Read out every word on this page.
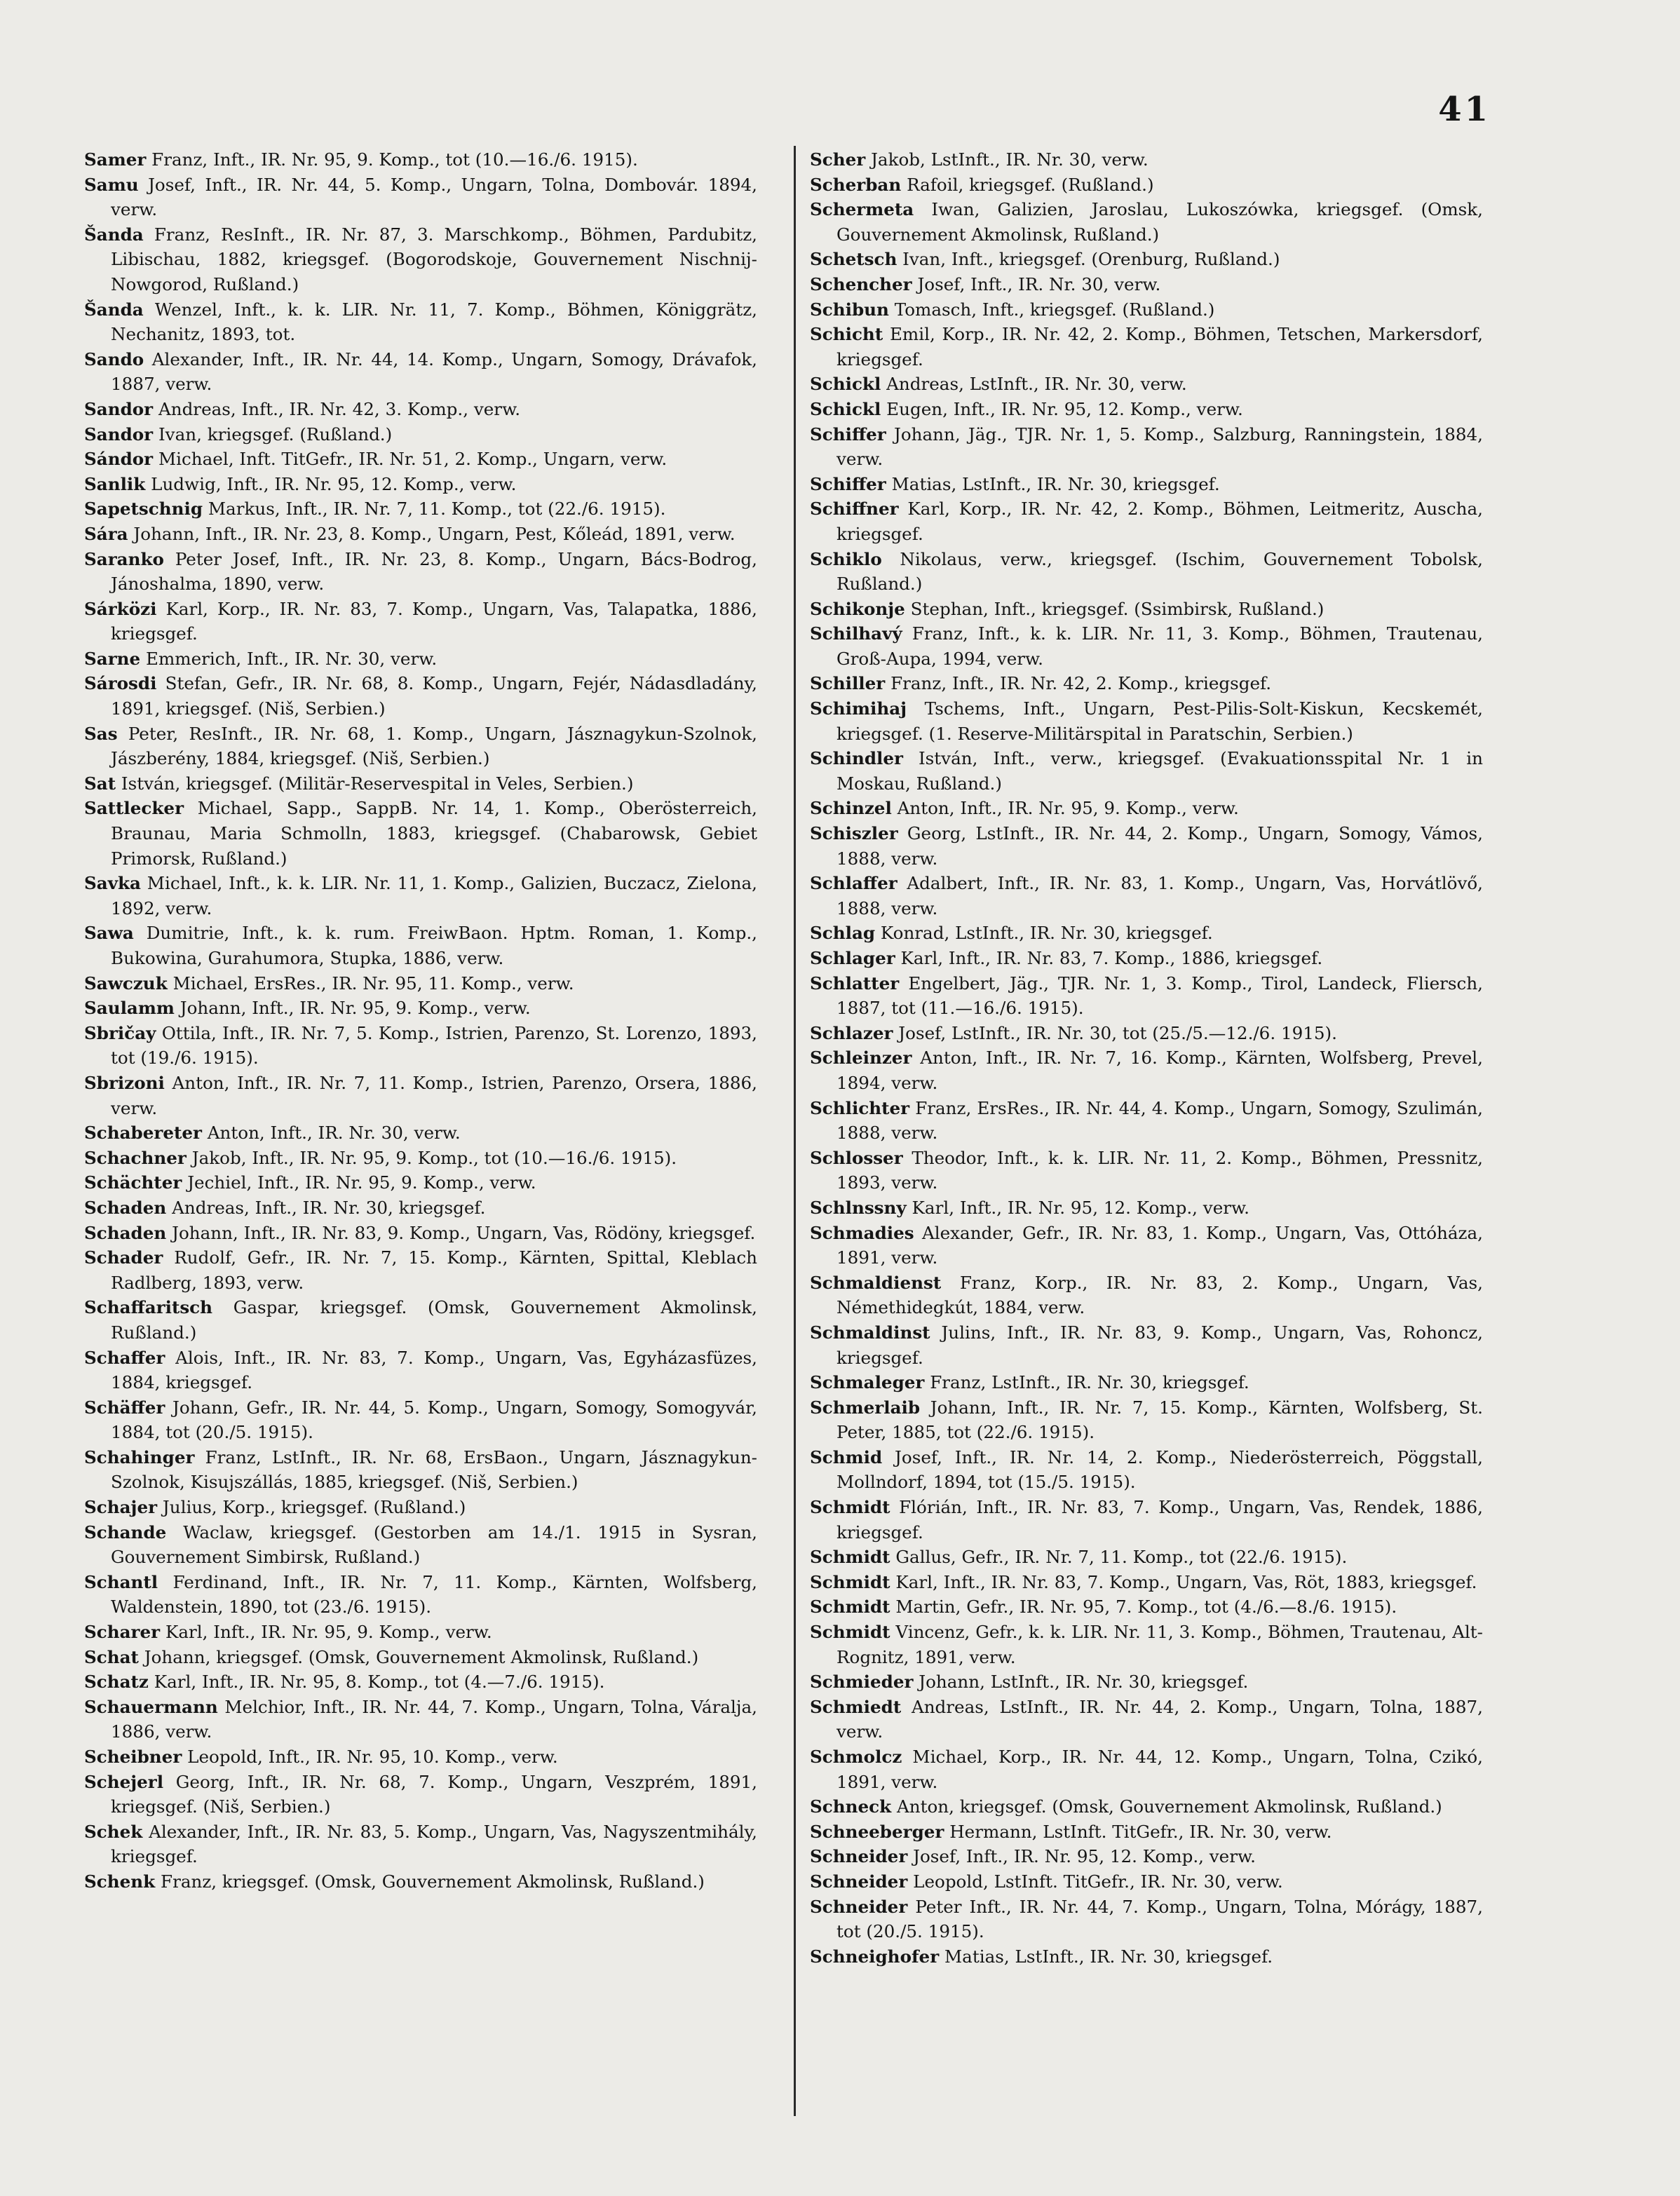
41

Samer Franz, Inft., IR. Nr. 95, 9. Komp., tot (10.—16./6. 1915).

Samu Josef, Inft., IR. Nr. 44, 5. Komp., Ungarn, Tolna, Dombovár. 1894, verw.

Šanda Franz, ResInft., IR. Nr. 87, 3. Marschkomp., Böhmen, Pardubitz, Libischau, 1882, kriegsgef. (Bogorodskoje, Gouvernement Nischnij-Nowgorod, Rußland.)

Šanda Wenzel, Inft., k. k. LIR. Nr. 11, 7. Komp., Böhmen, Königgrätz, Nechanitz, 1893, tot.

Sando Alexander, Inft., IR. Nr. 44, 14. Komp., Ungarn, Somogy, Drávafok, 1887, verw.

Sandor Andreas, Inft., IR. Nr. 42, 3. Komp., verw.

Sandor Ivan, kriegsgef. (Rußland.)

Sándor Michael, Inft. TitGefr., IR. Nr. 51, 2. Komp., Ungarn, verw.

Sanlik Ludwig, Inft., IR. Nr. 95, 12. Komp., verw.

Sapetschnig Markus, Inft., IR. Nr. 7, 11. Komp., tot (22./6. 1915).

Sára Johann, Inft., IR. Nr. 23, 8. Komp., Ungarn, Pest, Kőleád, 1891, verw.

Saranko Peter Josef, Inft., IR. Nr. 23, 8. Komp., Ungarn, Bács-Bodrog, Jánoshalma, 1890, verw.

Sárközi Karl, Korp., IR. Nr. 83, 7. Komp., Ungarn, Vas, Talapatka, 1886, kriegsgef.

Sarne Emmerich, Inft., IR. Nr. 30, verw.

Sárosdi Stefan, Gefr., IR. Nr. 68, 8. Komp., Ungarn, Fejér, Nádasdladány, 1891, kriegsgef. (Niš, Serbien.)

Sas Peter, ResInft., IR. Nr. 68, 1. Komp., Ungarn, Jásznagykun-Szolnok, Jászberény, 1884, kriegsgef. (Niš, Serbien.)

Sat István, kriegsgef. (Militär-Reservespital in Veles, Serbien.)

Sattlecker Michael, Sapp., SappB. Nr. 14, 1. Komp., Oberösterreich, Braunau, Maria Schmolln, 1883, kriegsgef. (Chabarowsk, Gebiet Primorsk, Rußland.)

Savka Michael, Inft., k. k. LIR. Nr. 11, 1. Komp., Galizien, Buczacz, Zielona, 1892, verw.

Sawa Dumitrie, Inft., k. k. rum. FreiwBaon. Hptm. Roman, 1. Komp., Bukowina, Gurahumora, Stupka, 1886, verw.

Sawczuk Michael, ErsRes., IR. Nr. 95, 11. Komp., verw.

Saulamm Johann, Inft., IR. Nr. 95, 9. Komp., verw.

Sbričay Ottila, Inft., IR. Nr. 7, 5. Komp., Istrien, Parenzo, St. Lorenzo, 1893, tot (19./6. 1915).

Sbrizoni Anton, Inft., IR. Nr. 7, 11. Komp., Istrien, Parenzo, Orsera, 1886, verw.

Schabereter Anton, Inft., IR. Nr. 30, verw.

Schachner Jakob, Inft., IR. Nr. 95, 9. Komp., tot (10.—16./6. 1915).

Schächter Jechiel, Inft., IR. Nr. 95, 9. Komp., verw.

Schaden Andreas, Inft., IR. Nr. 30, kriegsgef.

Schaden Johann, Inft., IR. Nr. 83, 9. Komp., Ungarn, Vas, Rödöny, kriegsgef.

Schader Rudolf, Gefr., IR. Nr. 7, 15. Komp., Kärnten, Spittal, Kleblach Radlberg, 1893, verw.

Schaffaritsch Gaspar, kriegsgef. (Omsk, Gouvernement Akmolinsk, Rußland.)

Schaffer Alois, Inft., IR. Nr. 83, 7. Komp., Ungarn, Vas, Egyházasfüzes, 1884, kriegsgef.

Schäffer Johann, Gefr., IR. Nr. 44, 5. Komp., Ungarn, Somogy, Somogyvár, 1884, tot (20./5. 1915).

Schahinger Franz, LstInft., IR. Nr. 68, ErsBaon., Ungarn, Jásznagykun-Szolnok, Kisujszállás, 1885, kriegsgef. (Niš, Serbien.)

Schajer Julius, Korp., kriegsgef. (Rußland.)

Schande Waclaw, kriegsgef. (Gestorben am 14./1. 1915 in Sysran, Gouvernement Simbirsk, Rußland.)

Schantl Ferdinand, Inft., IR. Nr. 7, 11. Komp., Kärnten, Wolfsberg, Waldenstein, 1890, tot (23./6. 1915).

Scharer Karl, Inft., IR. Nr. 95, 9. Komp., verw.

Schat Johann, kriegsgef. (Omsk, Gouvernement Akmolinsk, Rußland.)

Schatz Karl, Inft., IR. Nr. 95, 8. Komp., tot (4.—7./6. 1915).

Schauermann Melchior, Inft., IR. Nr. 44, 7. Komp., Ungarn, Tolna, Váralja, 1886, verw.

Scheibner Leopold, Inft., IR. Nr. 95, 10. Komp., verw.

Schejerl Georg, Inft., IR. Nr. 68, 7. Komp., Ungarn, Veszprém, 1891, kriegsgef. (Niš, Serbien.)

Schek Alexander, Inft., IR. Nr. 83, 5. Komp., Ungarn, Vas, Nagyszentmihály, kriegsgef.

Schenk Franz, kriegsgef. (Omsk, Gouvernement Akmolinsk, Rußland.)

Scher Jakob, LstInft., IR. Nr. 30, verw.

Scherban Rafoil, kriegsgef. (Rußland.)

Schermeta Iwan, Galizien, Jaroslau, Lukoszówka, kriegsgef. (Omsk, Gouvernement Akmolinsk, Rußland.)

Schetsch Ivan, Inft., kriegsgef. (Orenburg, Rußland.)

Schencher Josef, Inft., IR. Nr. 30, verw.

Schibun Tomasch, Inft., kriegsgef. (Rußland.)

Schicht Emil, Korp., IR. Nr. 42, 2. Komp., Böhmen, Tetschen, Markersdorf, kriegsgef.

Schickl Andreas, LstInft., IR. Nr. 30, verw.

Schickl Eugen, Inft., IR. Nr. 95, 12. Komp., verw.

Schiffer Johann, Jäg., TJR. Nr. 1, 5. Komp., Salzburg, Ranningstein, 1884, verw.

Schiffer Matias, LstInft., IR. Nr. 30, kriegsgef.

Schiffner Karl, Korp., IR. Nr. 42, 2. Komp., Böhmen, Leitmeritz, Auscha, kriegsgef.

Schiklo Nikolaus, verw., kriegsgef. (Ischim, Gouvernement Tobolsk, Rußland.)

Schikonje Stephan, Inft., kriegsgef. (Ssimbirsk, Rußland.)

Schilhavý Franz, Inft., k. k. LIR. Nr. 11, 3. Komp., Böhmen, Trautenau, Groß-Aupa, 1994, verw.

Schiller Franz, Inft., IR. Nr. 42, 2. Komp., kriegsgef.

Schimihaj Tschems, Inft., Ungarn, Pest-Pilis-Solt-Kiskun, Kecskemét, kriegsgef. (1. Reserve-Militärspital in Paratschin, Serbien.)

Schindler István, Inft., verw., kriegsgef. (Evakuationsspital Nr. 1 in Moskau, Rußland.)

Schinzel Anton, Inft., IR. Nr. 95, 9. Komp., verw.

Schiszler Georg, LstInft., IR. Nr. 44, 2. Komp., Ungarn, Somogy, Vámos, 1888, verw.

Schlaffer Adalbert, Inft., IR. Nr. 83, 1. Komp., Ungarn, Vas, Horvátlövő, 1888, verw.

Schlag Konrad, LstInft., IR. Nr. 30, kriegsgef.

Schlager Karl, Inft., IR. Nr. 83, 7. Komp., 1886, kriegsgef.

Schlatter Engelbert, Jäg., TJR. Nr. 1, 3. Komp., Tirol, Landeck, Fliersch, 1887, tot (11.—16./6. 1915).

Schlazer Josef, LstInft., IR. Nr. 30, tot (25./5.—12./6. 1915).

Schleinzer Anton, Inft., IR. Nr. 7, 16. Komp., Kärnten, Wolfsberg, Prevel, 1894, verw.

Schlichter Franz, ErsRes., IR. Nr. 44, 4. Komp., Ungarn, Somogy, Szulimán, 1888, verw.

Schlosser Theodor, Inft., k. k. LIR. Nr. 11, 2. Komp., Böhmen, Pressnitz, 1893, verw.

Schlnssny Karl, Inft., IR. Nr. 95, 12. Komp., verw.

Schmadies Alexander, Gefr., IR. Nr. 83, 1. Komp., Ungarn, Vas, Ottóháza, 1891, verw.

Schmaldienst Franz, Korp., IR. Nr. 83, 2. Komp., Ungarn, Vas, Némethidegkút, 1884, verw.

Schmaldinst Julins, Inft., IR. Nr. 83, 9. Komp., Ungarn, Vas, Rohoncz, kriegsgef.

Schmaleger Franz, LstInft., IR. Nr. 30, kriegsgef.

Schmerlaib Johann, Inft., IR. Nr. 7, 15. Komp., Kärnten, Wolfsberg, St. Peter, 1885, tot (22./6. 1915).

Schmid Josef, Inft., IR. Nr. 14, 2. Komp., Niederösterreich, Pöggstall, Mollndorf, 1894, tot (15./5. 1915).

Schmidt Flórián, Inft., IR. Nr. 83, 7. Komp., Ungarn, Vas, Rendek, 1886, kriegsgef.

Schmidt Gallus, Gefr., IR. Nr. 7, 11. Komp., tot (22./6. 1915).

Schmidt Karl, Inft., IR. Nr. 83, 7. Komp., Ungarn, Vas, Röt, 1883, kriegsgef.

Schmidt Martin, Gefr., IR. Nr. 95, 7. Komp., tot (4./6.—8./6. 1915).

Schmidt Vincenz, Gefr., k. k. LIR. Nr. 11, 3. Komp., Böhmen, Trautenau, Alt-Rognitz, 1891, verw.

Schmieder Johann, LstInft., IR. Nr. 30, kriegsgef.

Schmiedt Andreas, LstInft., IR. Nr. 44, 2. Komp., Ungarn, Tolna, 1887, verw.

Schmolcz Michael, Korp., IR. Nr. 44, 12. Komp., Ungarn, Tolna, Czikó, 1891, verw.

Schneck Anton, kriegsgef. (Omsk, Gouvernement Akmolinsk, Rußland.)

Schneeberger Hermann, LstInft. TitGefr., IR. Nr. 30, verw.

Schneider Josef, Inft., IR. Nr. 95, 12. Komp., verw.

Schneider Leopold, LstInft. TitGefr., IR. Nr. 30, verw.

Schneider Peter Inft., IR. Nr. 44, 7. Komp., Ungarn, Tolna, Mórágy, 1887, tot (20./5. 1915).

Schneighofer Matias, LstInft., IR. Nr. 30, kriegsgef.
